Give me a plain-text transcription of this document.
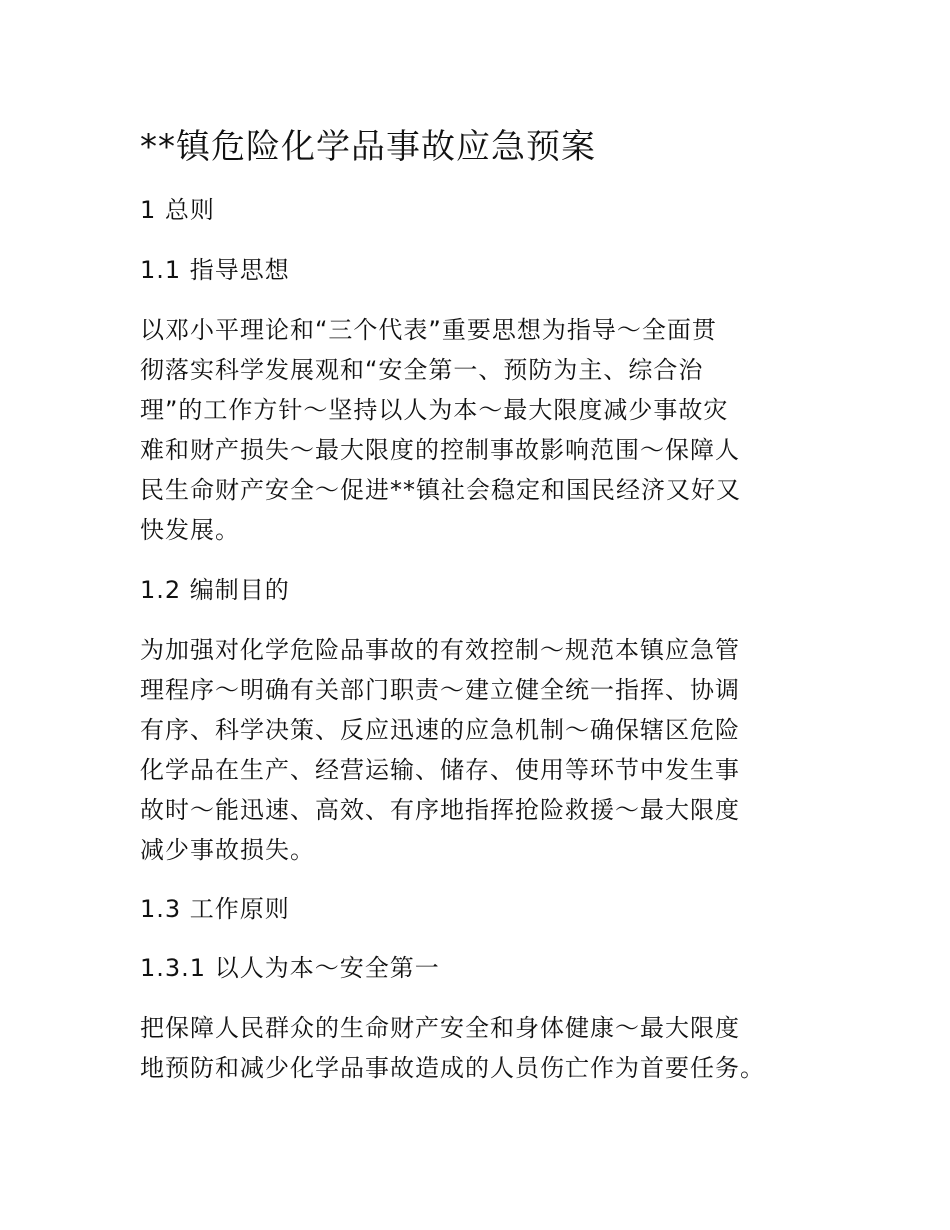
**镇危险化学品事故应急预案
1 总则
1.1 指导思想
以邓小平理论和“三个代表”重要思想为指导～全面贯
彻落实科学发展观和“安全第一、预防为主、综合治
理”的工作方针～坚持以人为本～最大限度减少事故灾
难和财产损失～最大限度的控制事故影响范围～保障人
民生命财产安全～促进**镇社会稳定和国民经济又好又
快发展。
1.2 编制目的
为加强对化学危险品事故的有效控制～规范本镇应急管
理程序～明确有关部门职责～建立健全统一指挥、协调
有序、科学决策、反应迅速的应急机制～确保辖区危险
化学品在生产、经营运输、储存、使用等环节中发生事
故时～能迅速、高效、有序地指挥抢险救援～最大限度
减少事故损失。
1.3 工作原则
1.3.1 以人为本～安全第一
把保障人民群众的生命财产安全和身体健康～最大限度
地预防和减少化学品事故造成的人员伤亡作为首要任务。
